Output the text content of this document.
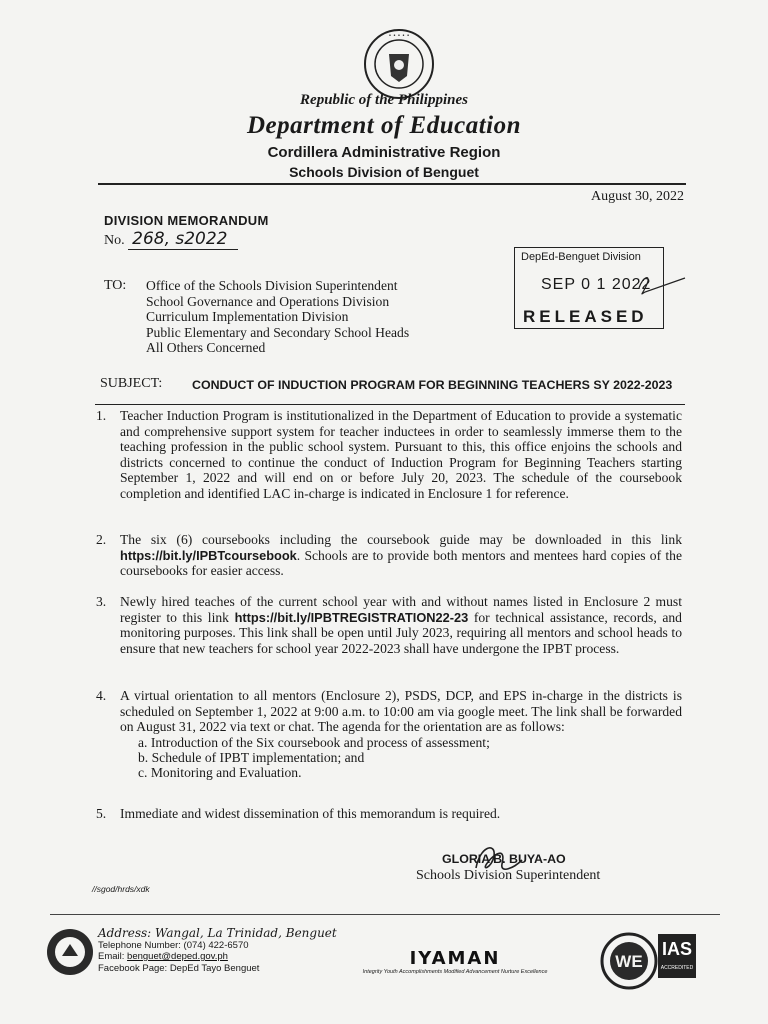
• • • • •
Republic of the Philippines
Department of Education
Cordillera Administrative Region
Schools Division of Benguet
August 30, 2022
DIVISION MEMORANDUM
No. 268, s2022
DepEd-Benguet Division
SEP 0 1 2022
RELEASED
TO: Office of the Schools Division Superintendent
School Governance and Operations Division
Curriculum Implementation Division
Public Elementary and Secondary School Heads
All Others Concerned
SUBJECT: CONDUCT OF INDUCTION PROGRAM FOR BEGINNING TEACHERS SY 2022-2023
1. Teacher Induction Program is institutionalized in the Department of Education to provide a systematic and comprehensive support system for teacher inductees in order to seamlessly immerse them to the teaching profession in the public school system. Pursuant to this, this office enjoins the schools and districts concerned to continue the conduct of Induction Program for Beginning Teachers starting September 1, 2022 and will end on or before July 20, 2023. The schedule of the coursebook completion and identified LAC in-charge is indicated in Enclosure 1 for reference.
2. The six (6) coursebooks including the coursebook guide may be downloaded in this link https://bit.ly/IPBTcoursebook. Schools are to provide both mentors and mentees hard copies of the coursebooks for easier access.
3. Newly hired teaches of the current school year with and without names listed in Enclosure 2 must register to this link https://bit.ly/IPBTREGISTRATION22-23 for technical assistance, records, and monitoring purposes. This link shall be open until July 2023, requiring all mentors and school heads to ensure that new teachers for school year 2022-2023 shall have undergone the IPBT process.
4. A virtual orientation to all mentors (Enclosure 2), PSDS, DCP, and EPS in-charge in the districts is scheduled on September 1, 2022 at 9:00 a.m. to 10:00 am via google meet. The link shall be forwarded on August 31, 2022 via text or chat. The agenda for the orientation are as follows:
a. Introduction of the Six coursebook and process of assessment;
b. Schedule of IPBT implementation; and
c. Monitoring and Evaluation.
5. Immediate and widest dissemination of this memorandum is required.
GLORIA B. BUYA-AO
Schools Division Superintendent
//sgod/hrds/xdk
Address: Wangal, La Trinidad, Benguet
Telephone Number: (074) 422-6570
Email: benguet@deped.gov.ph
Facebook Page: DepEd Tayo Benguet	IYAMAN
Integrity Youth Accomplishments Modified Advancement Nurture Excellence
WE
IAS
ACCREDITED
